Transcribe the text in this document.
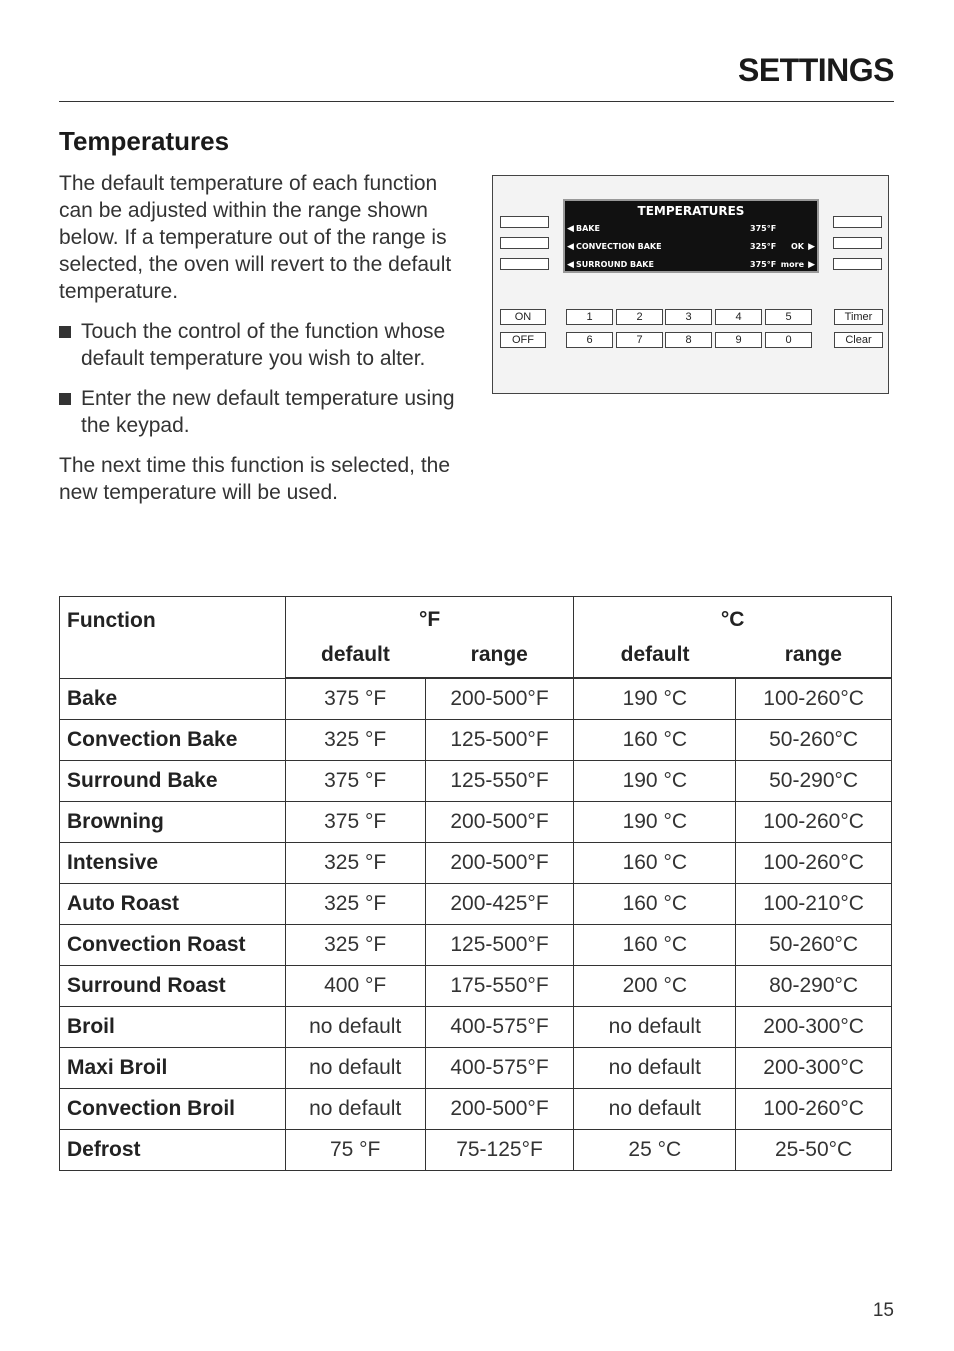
SETTINGS
Temperatures

The default temperature of each function can be adjusted within the range shown below. If a temperature out of the range is selected, the oven will revert to the default temperature.

Touch the control of the function whose default temperature you wish to alter.

Enter the new default temperature using the keypad.

The next time this function is selected, the new temperature will be used.

TEMPERATURES
◀ BAKE	375°F
◀ CONVECTION BAKE	325°F OK ▶
◀ SURROUND BAKE	375°F more ▶
ON
OFF
1	2	3	4	5
6	7	8	9	0
Timer
Clear
Function	°F		°C	
	default	range	default	range
Bake	375 °F	200-500°F	190 °C	100-260°C
Convection Bake	325 °F	125-500°F	160 °C	50-260°C
Surround Bake	375 °F	125-550°F	190 °C	50-290°C
Browning	375 °F	200-500°F	190 °C	100-260°C
Intensive	325 °F	200-500°F	160 °C	100-260°C
Auto Roast	325 °F	200-425°F	160 °C	100-210°C
Convection Roast	325 °F	125-500°F	160 °C	50-260°C
Surround Roast	400 °F	175-550°F	200 °C	80-290°C
Broil	no default	400-575°F	no default	200-300°C
Maxi Broil	no default	400-575°F	no default	200-300°C
Convection Broil	no default	200-500°F	no default	100-260°C
Defrost	75 °F	75-125°F	25 °C	25-50°C
15
